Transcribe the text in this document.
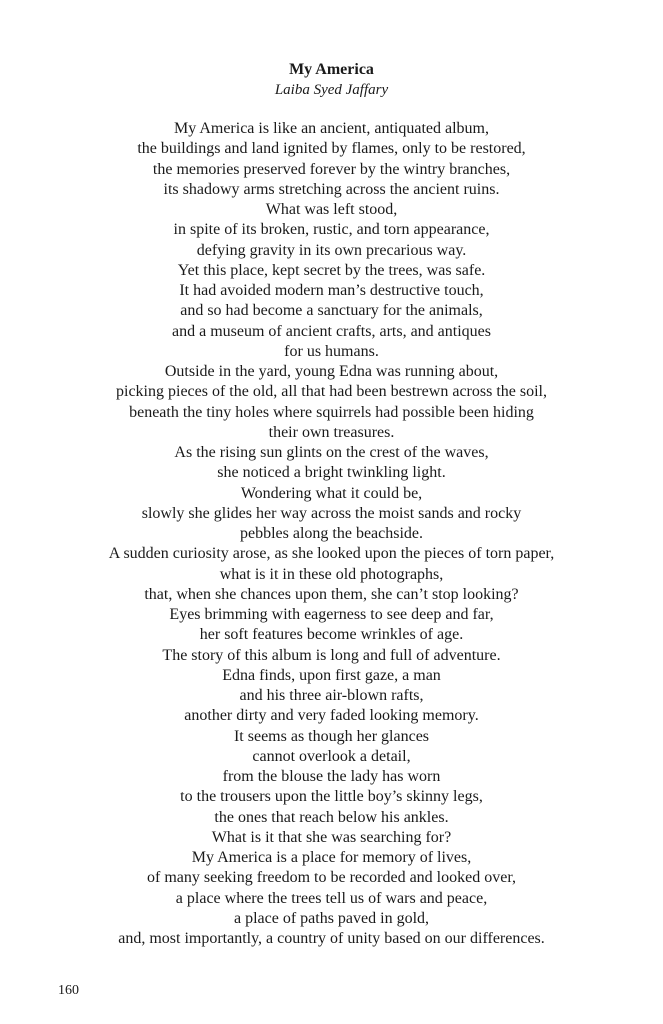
My America
Laiba Syed Jaffary
My America is like an ancient, antiquated album,
the buildings and land ignited by flames, only to be restored,
the memories preserved forever by the wintry branches,
its shadowy arms stretching across the ancient ruins.
What was left stood,
in spite of its broken, rustic, and torn appearance,
defying gravity in its own precarious way.
Yet this place, kept secret by the trees, was safe.
It had avoided modern man’s destructive touch,
and so had become a sanctuary for the animals,
and a museum of ancient crafts, arts, and antiques
for us humans.
Outside in the yard, young Edna was running about,
picking pieces of the old, all that had been bestrewn across the soil,
beneath the tiny holes where squirrels had possible been hiding
their own treasures.
As the rising sun glints on the crest of the waves,
she noticed a bright twinkling light.
Wondering what it could be,
slowly she glides her way across the moist sands and rocky
pebbles along the beachside.
A sudden curiosity arose, as she looked upon the pieces of torn paper,
what is it in these old photographs,
that, when she chances upon them, she can’t stop looking?
Eyes brimming with eagerness to see deep and far,
her soft features become wrinkles of age.
The story of this album is long and full of adventure.
Edna finds, upon first gaze, a man
and his three air-blown rafts,
another dirty and very faded looking memory.
It seems as though her glances
cannot overlook a detail,
from the blouse the lady has worn
to the trousers upon the little boy’s skinny legs,
the ones that reach below his ankles.
What is it that she was searching for?
My America is a place for memory of lives,
of many seeking freedom to be recorded and looked over,
a place where the trees tell us of wars and peace,
a place of paths paved in gold,
and, most importantly, a country of unity based on our differences.
160
